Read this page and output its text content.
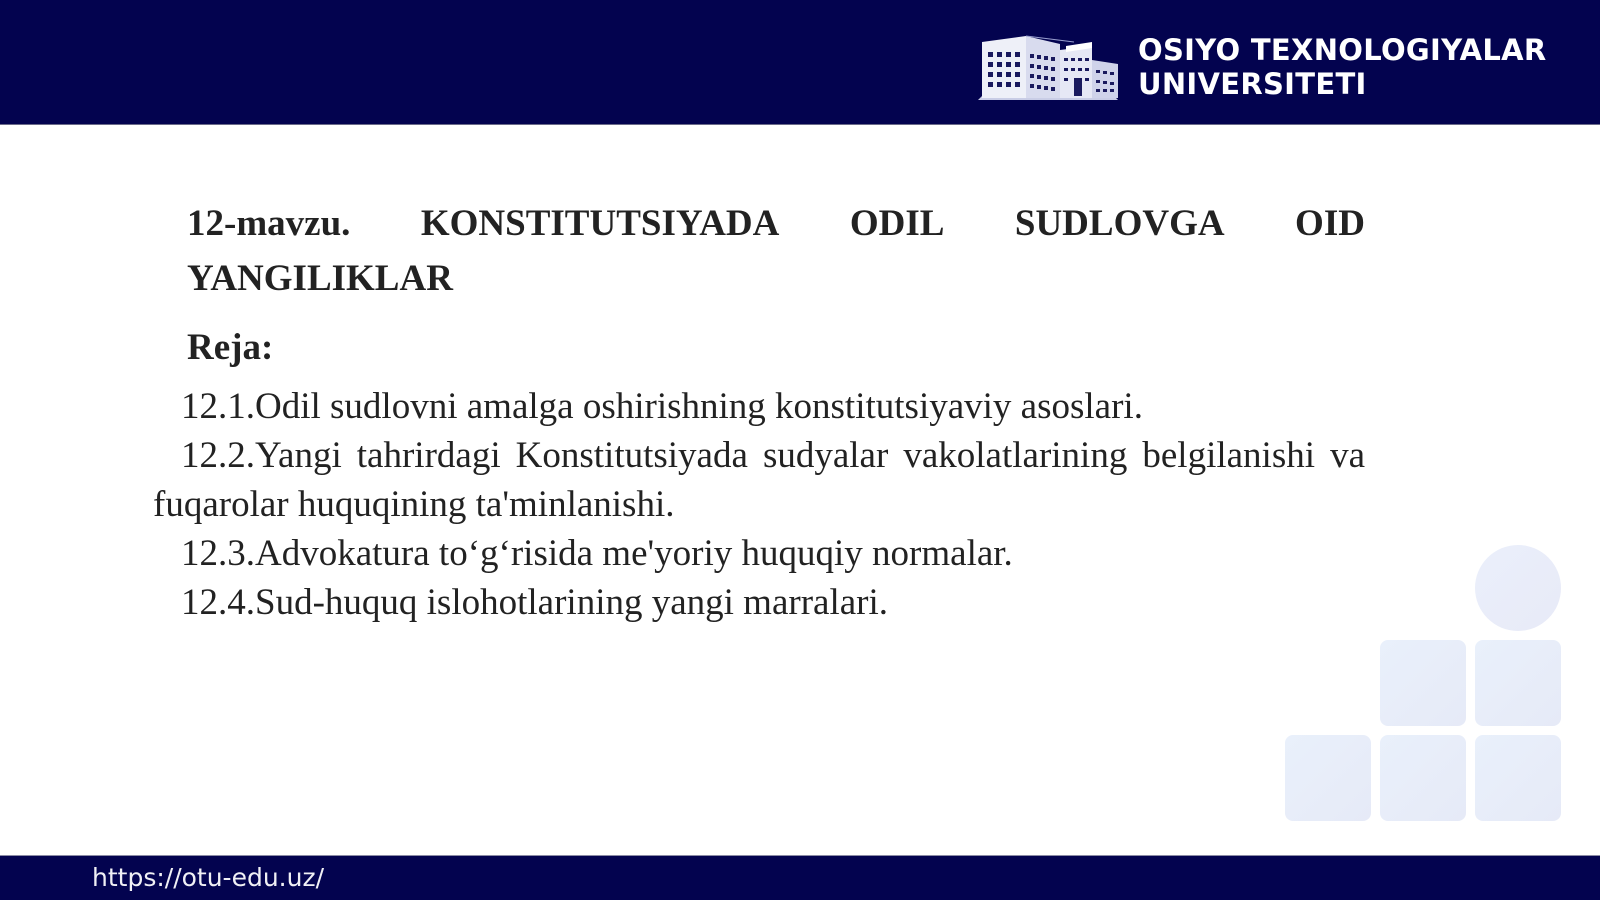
OSIYO TEXNOLOGIYALAR
UNIVERSITETI
12-mavzu. KONSTITUTSIYADA ODIL SUDLOVGA OID
YANGILIKLAR
Reja:

12.1.Odil sudlovni amalga oshirishning konstitutsiyaviy asoslari.

12.2.Yangi tahrirdagi Konstitutsiyada sudyalar vakolatlarining belgilanishi va fuqarolar huquqining ta'minlanishi.

12.3.Advokatura to‘g‘risida me'yoriy huquqiy normalar.

12.4.Sud-huquq islohotlarining yangi marralari.

https://otu-edu.uz/
